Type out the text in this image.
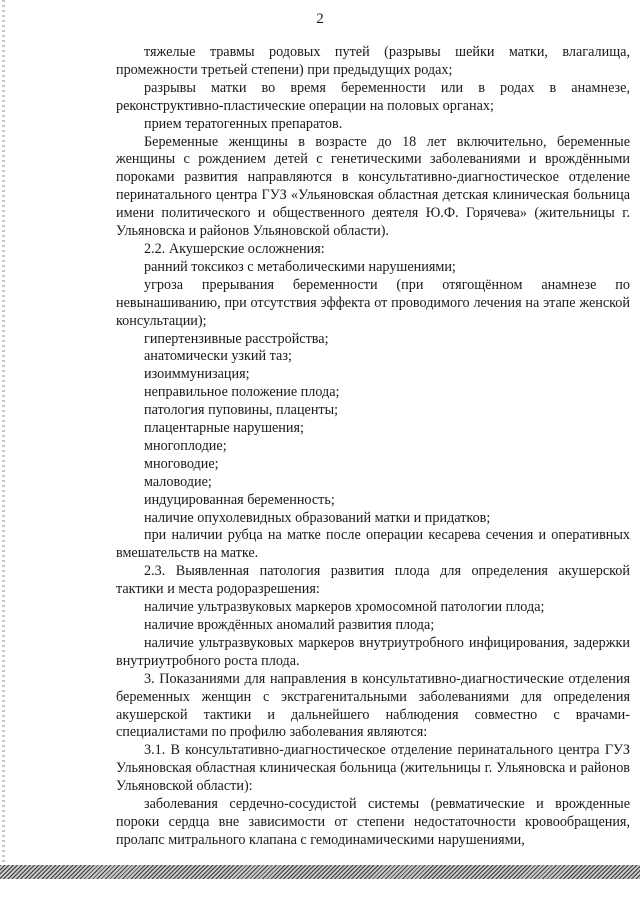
2

тяжелые травмы родовых путей (разрывы шейки матки, влагалища, промежности третьей степени) при предыдущих родах;

разрывы матки во время беременности или в родах в анамнезе, реконструктивно-пластические операции на половых органах;

прием тератогенных препаратов.

Беременные женщины в возрасте до 18 лет включительно, беременные женщины с рождением детей с генетическими заболеваниями и врождёнными пороками развития направляются в консультативно-диагностическое отделение перинатального центра ГУЗ «Ульяновская областная детская клиническая больница имени политического и общественного деятеля Ю.Ф. Горячева» (жительницы г. Ульяновска и районов Ульяновской области).

2.2. Акушерские осложнения:

ранний токсикоз с метаболическими нарушениями;

угроза прерывания беременности (при отягощённом анамнезе по невынашиванию, при отсутствия эффекта от проводимого лечения на этапе женской консультации);

гипертензивные расстройства;

анатомически узкий таз;

изоиммунизация;

неправильное положение плода;

патология пуповины, плаценты;

плацентарные нарушения;

многоплодие;

многоводие;

маловодие;

индуцированная беременность;

наличие опухолевидных образований матки и придатков;

при наличии рубца на матке после операции кесарева сечения и оперативных вмешательств на матке.

2.3. Выявленная патология развития плода для определения акушерской тактики и места родоразрешения:

наличие ультразвуковых маркеров хромосомной патологии плода;

наличие врождённых аномалий развития плода;

наличие ультразвуковых маркеров внутриутробного инфицирования, задержки внутриутробного роста плода.

3. Показаниями для направления в консультативно-диагностические отделения беременных женщин с экстрагенитальными заболеваниями для определения акушерской тактики и дальнейшего наблюдения совместно с врачами-специалистами по профилю заболевания являются:

3.1. В консультативно-диагностическое отделение перинатального центра ГУЗ Ульяновская областная клиническая больница (жительницы г. Ульяновска и районов Ульяновской области):

заболевания сердечно-сосудистой системы (ревматические и врожденные пороки сердца вне зависимости от степени недостаточности кровообращения, пролапс митрального клапана с гемодинамическими нарушениями,
